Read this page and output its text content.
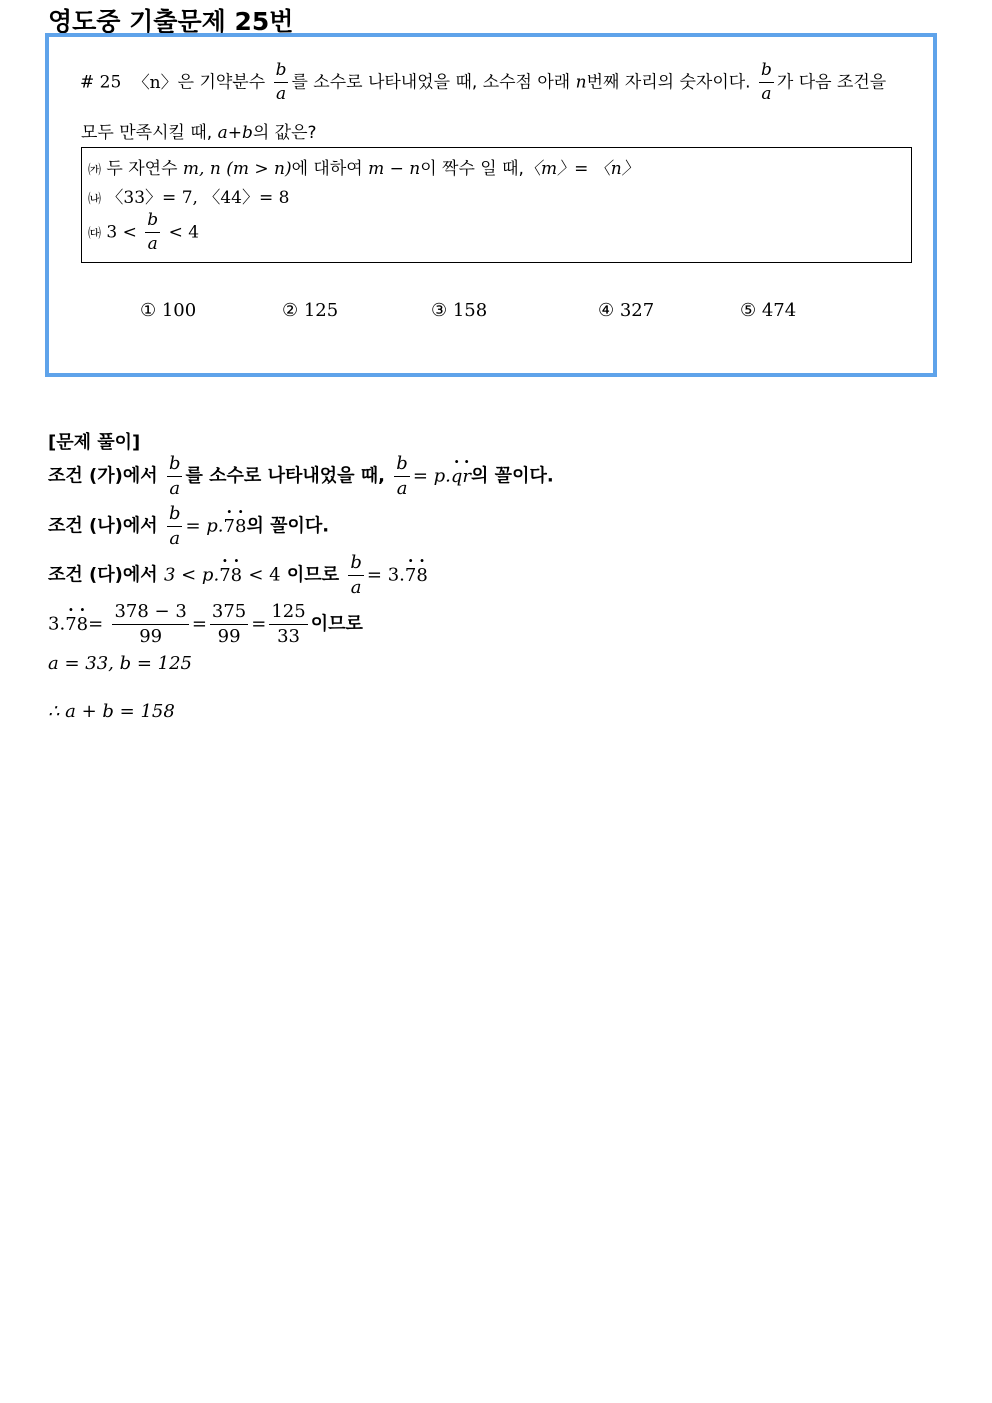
영도중 기출문제 25번
# 25 〈n〉은 기약분수 $\frac{b}{a}$ 를 소수로 나타내었을 때, 소수점 아래 n번째 자리의 숫자이다. $\frac{b}{a}$ 가 다음 조건을
모두 만족시킬 때, a+b의 값은?
㈎ 두 자연수 m, n (m > n)에 대하여 m − n이 짝수 일 때,〈m〉= 〈n〉
㈏ 〈33〉= 7, 〈44〉= 8
㈐ $3 < \frac{b}{a} < 4$
① 100	② 125	③ 158	④ 327	⑤ 474
[문제 풀이]
조건 (가)에서 $\frac{b}{a}$ 를 소수로 나타내었을 때, $\frac{b}{a} = p.\cdot q\cdot r$의 꼴이다.
조건 (나)에서 $\frac{b}{a} = p.\cdot 7\cdot 8$의 꼴이다.
조건 (다)에서 3 < p.· 7· 8 < 4 이므로 $\frac{b}{a} = 3.\cdot 7\cdot 8$
$3.\cdot 7\cdot 8= \frac{378 - 3}{99} = \frac{375}{99} = \frac{125}{33}$ 이므로
a = 33, b = 125
∴ a + b = 158
